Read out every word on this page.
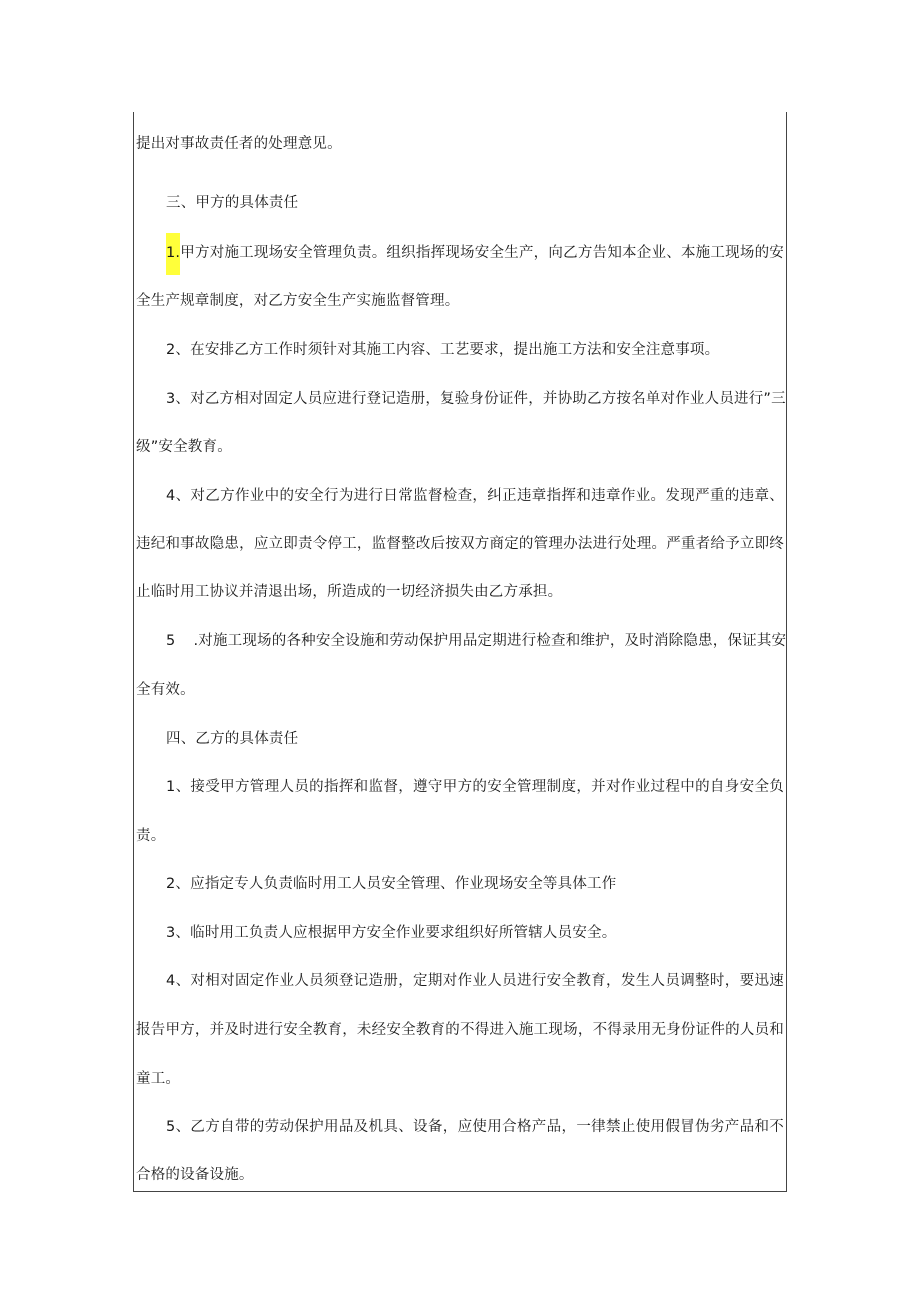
提出对事故责任者的处理意见。
三、甲方的具体责任
1.甲方对施工现场安全管理负责。组织指挥现场安全生产，向乙方告知本企业、本施工现场的安
全生产规章制度，对乙方安全生产实施监督管理。
2、在安排乙方工作时须针对其施工内容、工艺要求，提出施工方法和安全注意事项。
3、对乙方相对固定人员应进行登记造册，复验身份证件，并协助乙方按名单对作业人员进行”三
级”安全教育。
4、对乙方作业中的安全行为进行日常监督检查，纠正违章指挥和违章作业。发现严重的违章、
违纪和事故隐患，应立即责令停工，监督整改后按双方商定的管理办法进行处理。严重者给予立即终
止临时用工协议并清退出场，所造成的一切经济损失由乙方承担。
5 .对施工现场的各种安全设施和劳动保护用品定期进行检查和维护，及时消除隐患，保证其安
全有效。
四、乙方的具体责任
1、接受甲方管理人员的指挥和监督，遵守甲方的安全管理制度，并对作业过程中的自身安全负
责。
2、应指定专人负责临时用工人员安全管理、作业现场安全等具体工作
3、临时用工负责人应根据甲方安全作业要求组织好所管辖人员安全。
4、对相对固定作业人员须登记造册，定期对作业人员进行安全教育，发生人员调整时，要迅速
报告甲方，并及时进行安全教育，未经安全教育的不得进入施工现场，不得录用无身份证件的人员和
童工。
5、乙方自带的劳动保护用品及机具、设备，应使用合格产品，一律禁止使用假冒伪劣产品和不
合格的设备设施。
